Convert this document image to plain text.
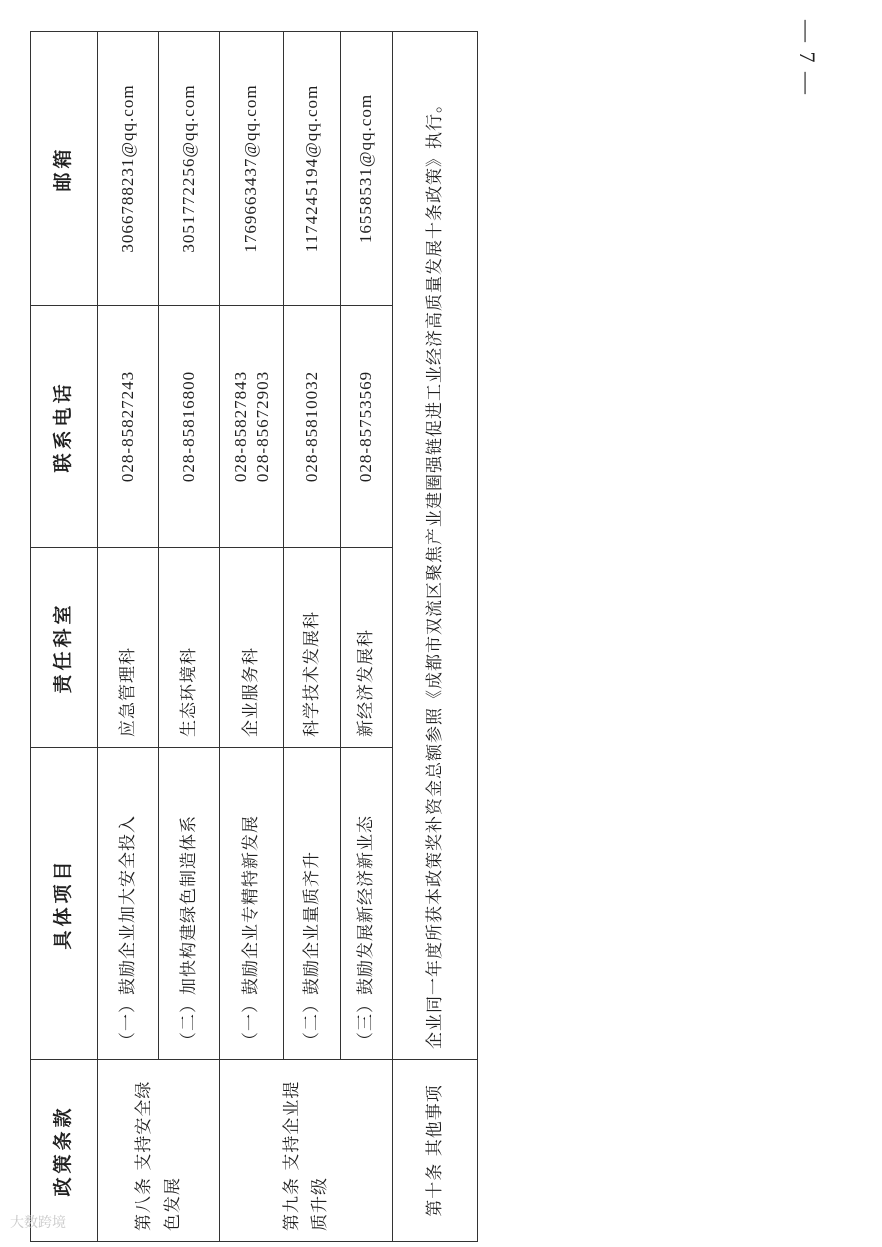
政策条款	具体项目	责任科室	联系电话	邮箱
第八条 支持安全绿色发展	（一）鼓励企业加大安全投入	应急管理科	028-85827243	3066788231@qq.com
	（二）加快构建绿色制造体系	生态环境科	028-85816800	3051772256@qq.com
第九条 支持企业提质升级	（一）鼓励企业专精特新发展	企业服务科	028-85827843 028-85672903	1769663437@qq.com
	（二）鼓励企业量质齐升	科学技术发展科	028-85810032	1174245194@qq.com
	（三）鼓励发展新经济新业态	新经济发展科	028-85753569	16558531@qq.com
第十条 其他事项	企业同一年度所获本政策奖补资金总额参照《成都市双流区聚焦产业建圈强链促进工业经济高质量发展十条政策》执行。			
— 7 —
大数跨境
